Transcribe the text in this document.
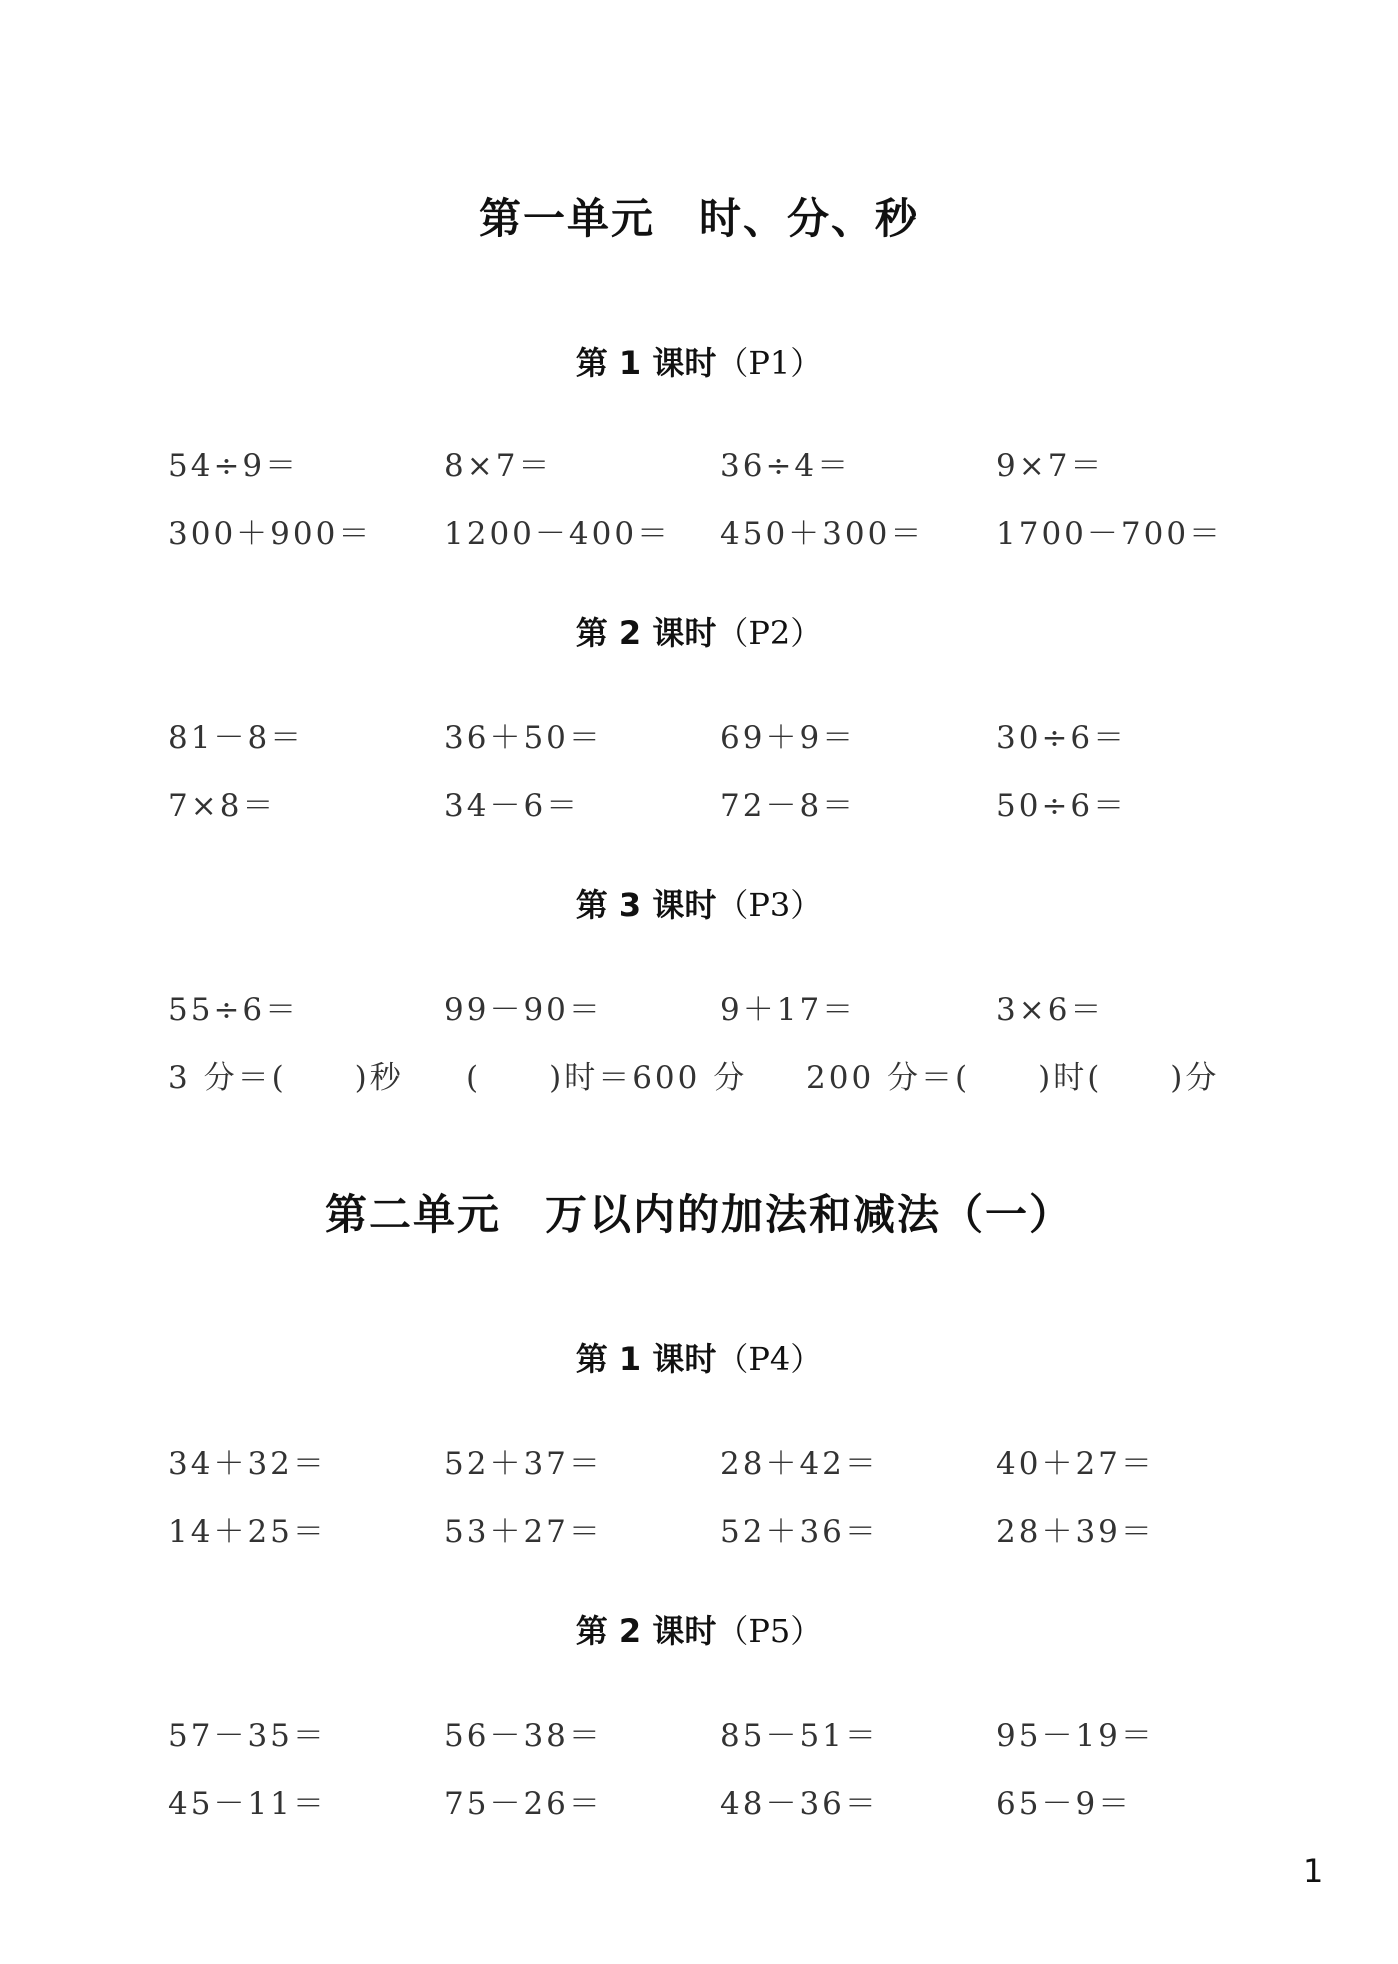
第一单元　时、分、秒
第 1 课时（P1）
54÷9＝	8×7＝	36÷4＝	9×7＝
300＋900＝ 1200－400＝ 450＋300＝ 1700－700＝
第 2 课时（P2）
81－8＝	36＋50＝	69＋9＝	30÷6＝
7×8＝	34－6＝	72－8＝	50÷6＝
第 3 课时（P3）
55÷6＝	99－90＝	9＋17＝	3×6＝
3 分＝(　　)秒 (　　)时＝600 分 200 分＝(　　)时(　　)分
第二单元　万以内的加法和减法（一）
第 1 课时（P4）
34＋32＝	52＋37＝	28＋42＝	40＋27＝
14＋25＝	53＋27＝	52＋36＝	28＋39＝
第 2 课时（P5）
57－35＝	56－38＝	85－51＝	95－19＝
45－11＝	75－26＝	48－36＝	65－9＝
1
